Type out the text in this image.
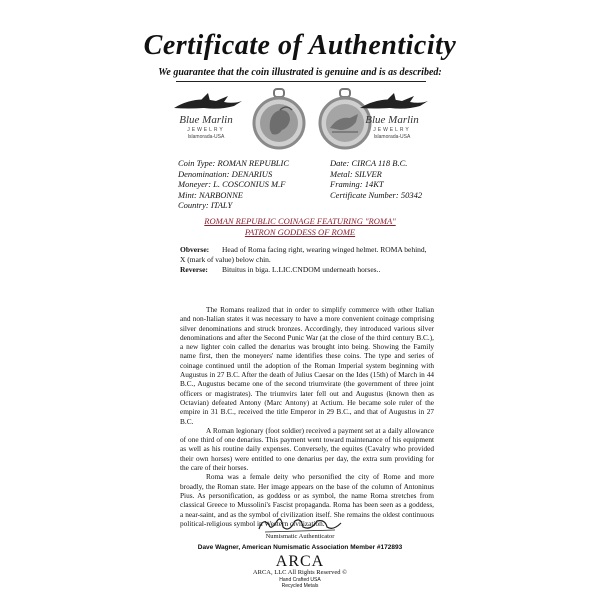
Certificate of Authenticity
We guarantee that the coin illustrated is genuine and is as described:
Blue Marlin
JEWELRY
Islamorada-USA
Blue Marlin
JEWELRY
Islamorada-USA
Coin Type: ROMAN REPUBLIC
Denomination: DENARIUS
Moneyer: L. COSCONIUS M.F
Mint: NARBONNE
Country: ITALY
Date: CIRCA 118 B.C.
Metal: SILVER
Framing: 14KT
Certificate Number: 50342
ROMAN REPUBLIC COINAGE FEATURING "ROMA"
PATRON GODDESS OF ROME
Obverse: Head of Roma facing right, wearing winged helmet. ROMA behind, X (mark of value) below chin.
Reverse: Bituitus in biga. L.LIC.CNDOM underneath horses..

The Romans realized that in order to simplify commerce with other Italian and non-Italian states it was necessary to have a more convenient coinage comprising silver denominations and struck bronzes. Accordingly, they introduced various silver denominations and after the Second Punic War (at the close of the third century B.C.), a new lighter coin called the denarius was brought into being. Showing the Family name first, then the moneyers' name identifies these coins. The type and series of coinage continued until the adoption of the Roman Imperial system beginning with Augustus in 27 B.C. After the death of Julius Caesar on the Ides (15th) of March in 44 B.C., Augustus became one of the second triumvirate (the government of three joint officers or magistrates). The triumvirs later fell out and Augustus (known then as Octavian) defeated Antony (Marc Antony) at Actium. He became sole ruler of the empire in 31 B.C., received the title Emperor in 29 B.C., and that of Augustus in 27 B.C.

A Roman legionary (foot soldier) received a payment set at a daily allowance of one third of one denarius. This payment went toward maintenance of his equipment as well as his routine daily expenses. Conversely, the equites (Cavalry who provided their own horses) were entitled to one denarius per day, the extra sum providing for the care of their horses.

Roma was a female deity who personified the city of Rome and more broadly, the Roman state. Her image appears on the base of the column of Antoninus Pius. As personification, as goddess or as symbol, the name Roma stretches from classical Greece to Mussolini's Fascist propaganda. Roma has been seen as a goddess, a near-saint, and as the symbol of civilization itself. She remains the oldest continuous political-religious symbol in Western civilization.

Numismatic Authenticator
Dave Wagner, American Numismatic Association Member #172893
ARCA
ARCA, LLC All Rights Reserved ©
Hand Crafted USA
Recycled Metals
